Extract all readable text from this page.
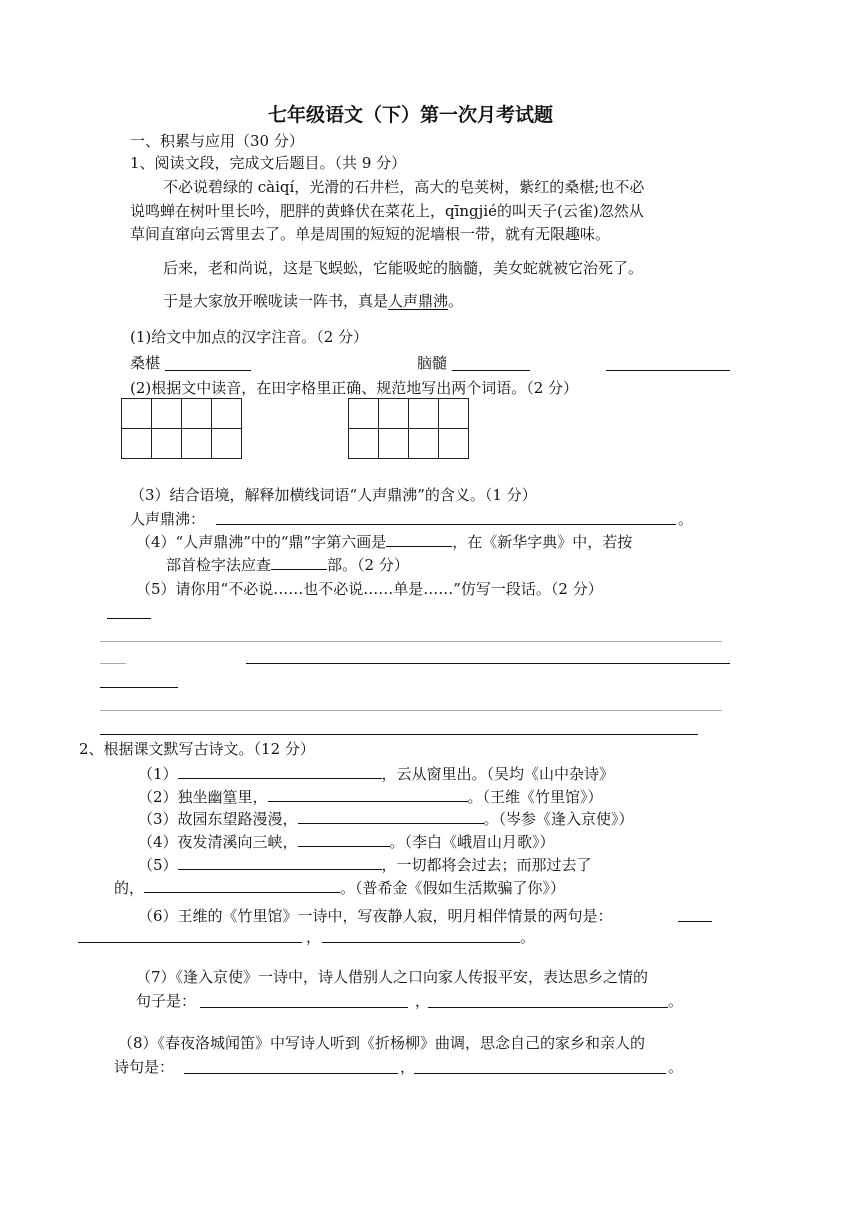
七年级语文（下）第一次月考试题
一、积累与应用（30 分）
1、阅读文段，完成文后题目。（共 9 分）
不必说碧绿的 càiqí，光滑的石井栏，高大的皂荚树，紫红的桑椹;也不必
说鸣蝉在树叶里长吟，肥胖的黄蜂伏在菜花上，qīngjié的叫天子(云雀)忽然从
草间直窜向云霄里去了。单是周围的短短的泥墙根一带，就有无限趣味。
后来，老和尚说，这是飞蜈蚣，它能吸蛇的脑髓，美女蛇就被它治死了。
于是大家放开喉咙读一阵书，真是人声鼎沸。
(1)给文中加点的汉字注音。（2 分）
桑椹	脑髓
(2)根据文中读音，在田字格里正确、规范地写出两个词语。（2 分）

（3）结合语境，解释加横线词语“人声鼎沸”的含义。（1 分）
人声鼎沸：	。
（4）“人声鼎沸”中的“鼎”字第六画是	，在《新华字典》中，若按
部首检字法应查	部。（2 分）
（5）请你用“不必说……也不必说……单是……”仿写一段话。（2 分）
2、根据课文默写古诗文。（12 分）
（1）	，云从窗里出。（吴均《山中杂诗》
（2）独坐幽篁里，	。（王维《竹里馆》）
（3）故园东望路漫漫，	。（岑参《逢入京使》）
（4）夜发清溪向三峡，	。（李白《峨眉山月歌》）
（5）	，一切都将会过去；而那过去了
的，	。（普希金《假如生活欺骗了你》）
（6）王维的《竹里馆》一诗中，写夜静人寂，明月相伴情景的两句是：
，	。
（7）《逢入京使》一诗中，诗人借别人之口向家人传报平安，表达思乡之情的
句子是：	，	。
（8）《春夜洛城闻笛》中写诗人听到《折杨柳》曲调，思念自己的家乡和亲人的
诗句是：	，	。
